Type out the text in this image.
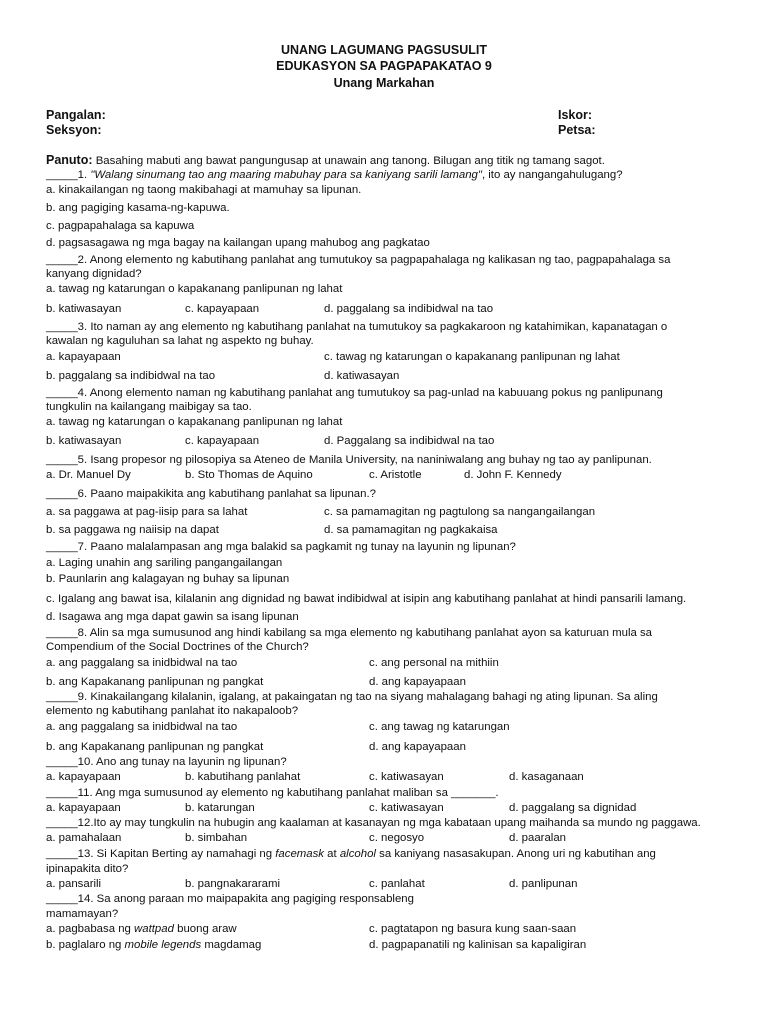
UNANG LAGUMANG PAGSUSULIT
EDUKASYON SA PAGPAPAKATAO 9
Unang Markahan
Pangalan:
Seksyon:
Iskor:
Petsa:
Panuto: Basahing mabuti ang bawat pangungusap at unawain ang tanong. Bilugan ang titik ng tamang sagot.
_____1. "Walang sinumang tao ang maaring mabuhay para sa kaniyang sarili lamang", ito ay nangangahulugang?
a. kinakailangan ng taong makibahagi at mamuhay sa lipunan.
b. ang pagiging kasama-ng-kapuwa.
c. pagpapahalaga sa kapuwa
d. pagsasagawa ng mga bagay na kailangan upang mahubog ang pagkatao
_____2. Anong elemento ng kabutihang panlahat ang tumutukoy sa pagpapahalaga ng kalikasan ng tao, pagpapahalaga sa
kanyang dignidad?
a. tawag ng katarungan o kapakanang panlipunan ng lahat
b. katiwasayan	c. kapayapaan	d. paggalang sa indibidwal na tao
_____3. Ito naman ay ang elemento ng kabutihang panlahat na tumutukoy sa pagkakaroon ng katahimikan, kapanatagan o
kawalan ng kaguluhan sa lahat ng aspekto ng buhay.
a. kapayapaan	c. tawag ng katarungan o kapakanang panlipunan ng lahat
b. paggalang sa indibidwal na tao	d. katiwasayan
_____4. Anong elemento naman ng kabutihang panlahat ang tumutukoy sa pag-unlad na kabuuang pokus ng panlipunang
tungkulin na kailangang maibigay sa tao.
a. tawag ng katarungan o kapakanang panlipunan ng lahat
b. katiwasayan	c. kapayapaan	d. Paggalang sa indibidwal na tao
_____5. Isang propesor ng pilosopiya sa Ateneo de Manila University, na naniniwalang ang buhay ng tao ay panlipunan.
a. Dr. Manuel Dy	b. Sto Thomas de Aquino	c. Aristotle	d. John F. Kennedy
_____6. Paano maipakikita ang kabutihang panlahat sa lipunan.?
a. sa paggawa at pag-iisip para sa lahat	c. sa pamamagitan ng pagtulong sa nangangailangan
b. sa paggawa ng naiisip na dapat	d. sa pamamagitan ng pagkakaisa
_____7. Paano malalampasan ang mga balakid sa pagkamit ng tunay na layunin ng lipunan?
a. Laging unahin ang sariling pangangailangan
b. Paunlarin ang kalagayan ng buhay sa lipunan
c. Igalang ang bawat isa, kilalanin ang dignidad ng bawat indibidwal at isipin ang kabutihang panlahat at hindi pansarili lamang.
d. Isagawa ang mga dapat gawin sa isang lipunan
_____8. Alin sa mga sumusunod ang hindi kabilang sa mga elemento ng kabutihang panlahat ayon sa katuruan mula sa
Compendium of the Social Doctrines of the Church?
a. ang paggalang sa inidbidwal na tao	c. ang personal na mithiin
b. ang Kapakanang panlipunan ng pangkat	d. ang kapayapaan
_____9. Kinakailangang kilalanin, igalang, at pakaingatan ng tao na siyang mahalagang bahagi ng ating lipunan. Sa aling
elemento ng kabutihang panlahat ito nakapaloob?
a. ang paggalang sa inidbidwal na tao	c. ang tawag ng katarungan
b. ang Kapakanang panlipunan ng pangkat	d. ang kapayapaan
_____10. Ano ang tunay na layunin ng lipunan?
a. kapayapaan	b. kabutihang panlahat	c. katiwasayan	d. kasaganaan
_____11. Ang mga sumusunod ay elemento ng kabutihang panlahat maliban sa _______.
a. kapayapaan	b. katarungan	c. katiwasayan	d. paggalang sa dignidad
_____12.Ito ay may tungkulin na hubugin ang kaalaman at kasanayan ng mga kabataan upang maihanda sa mundo ng paggawa.
a. pamahalaan	b. simbahan	c. negosyo	d. paaralan
_____13. Si Kapitan Berting ay namahagi ng facemask at alcohol sa kaniyang nasasakupan. Anong uri ng kabutihan ang
ipinapakita dito?
a. pansarili	b. pangnakararami	c. panlahat	d. panlipunan
_____14. Sa anong paraan mo maipapakita ang pagiging responsableng
mamamayan?
a. pagbabasa ng wattpad buong araw	c. pagtatapon ng basura kung saan-saan
b. paglalaro ng mobile legends magdamag	d. pagpapanatili ng kalinisan sa kapaligiran
